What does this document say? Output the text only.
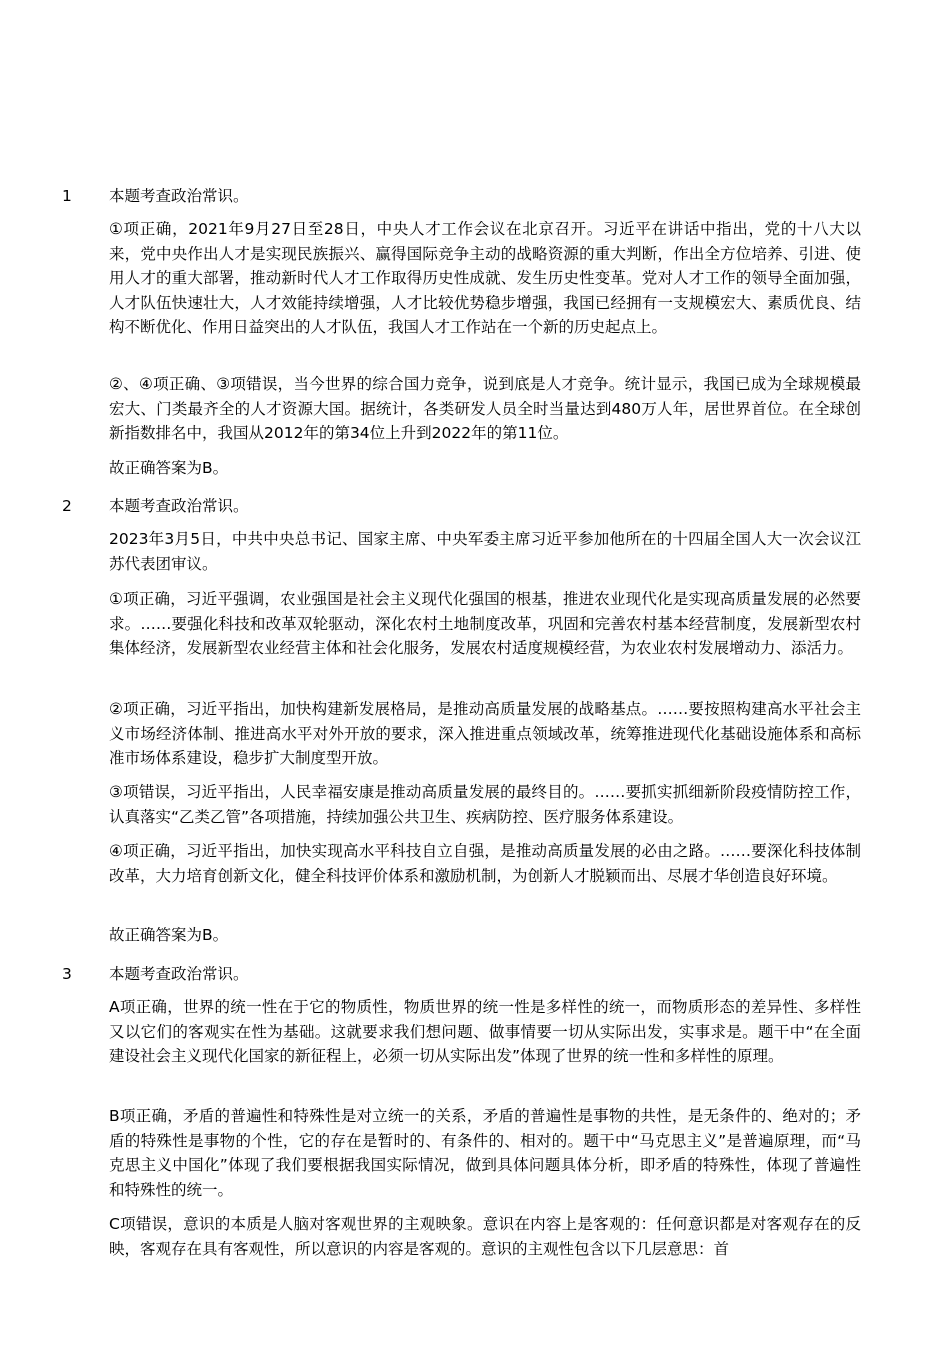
1	本题考查政治常识。

①项正确，2021年9月27日至28日，中央人才工作会议在北京召开。习近平在讲话中指出，党的十八大以来，党中央作出人才是实现民族振兴、赢得国际竞争主动的战略资源的重大判断，作出全方位培养、引进、使用人才的重大部署，推动新时代人才工作取得历史性成就、发生历史性变革。党对人才工作的领导全面加强，人才队伍快速壮大，人才效能持续增强，人才比较优势稳步增强，我国已经拥有一支规模宏大、素质优良、结构不断优化、作用日益突出的人才队伍，我国人才工作站在一个新的历史起点上。

②、④项正确、③项错误，当今世界的综合国力竞争，说到底是人才竞争。统计显示，我国已成为全球规模最宏大、门类最齐全的人才资源大国。据统计，各类研发人员全时当量达到480万人年，居世界首位。在全球创新指数排名中，我国从2012年的第34位上升到2022年的第11位。

故正确答案为B。

2	本题考查政治常识。

2023年3月5日，中共中央总书记、国家主席、中央军委主席习近平参加他所在的十四届全国人大一次会议江苏代表团审议。

①项正确，习近平强调，农业强国是社会主义现代化强国的根基，推进农业现代化是实现高质量发展的必然要求。……要强化科技和改革双轮驱动，深化农村土地制度改革，巩固和完善农村基本经营制度，发展新型农村集体经济，发展新型农业经营主体和社会化服务，发展农村适度规模经营，为农业农村发展增动力、添活力。

②项正确，习近平指出，加快构建新发展格局，是推动高质量发展的战略基点。……要按照构建高水平社会主义市场经济体制、推进高水平对外开放的要求，深入推进重点领域改革，统筹推进现代化基础设施体系和高标准市场体系建设，稳步扩大制度型开放。

③项错误，习近平指出，人民幸福安康是推动高质量发展的最终目的。……要抓实抓细新阶段疫情防控工作，认真落实“乙类乙管”各项措施，持续加强公共卫生、疾病防控、医疗服务体系建设。

④项正确，习近平指出，加快实现高水平科技自立自强，是推动高质量发展的必由之路。……要深化科技体制改革，大力培育创新文化，健全科技评价体系和激励机制，为创新人才脱颖而出、尽展才华创造良好环境。

故正确答案为B。

3	本题考查政治常识。

A项正确，世界的统一性在于它的物质性，物质世界的统一性是多样性的统一，而物质形态的差异性、多样性又以它们的客观实在性为基础。这就要求我们想问题、做事情要一切从实际出发，实事求是。题干中“在全面建设社会主义现代化国家的新征程上，必须一切从实际出发”体现了世界的统一性和多样性的原理。

B项正确，矛盾的普遍性和特殊性是对立统一的关系，矛盾的普遍性是事物的共性，是无条件的、绝对的；矛盾的特殊性是事物的个性，它的存在是暂时的、有条件的、相对的。题干中“马克思主义”是普遍原理，而“马克思主义中国化”体现了我们要根据我国实际情况，做到具体问题具体分析，即矛盾的特殊性，体现了普遍性和特殊性的统一。

C项错误，意识的本质是人脑对客观世界的主观映象。意识在内容上是客观的：任何意识都是对客观存在的反映，客观存在具有客观性，所以意识的内容是客观的。意识的主观性包含以下几层意思：首
